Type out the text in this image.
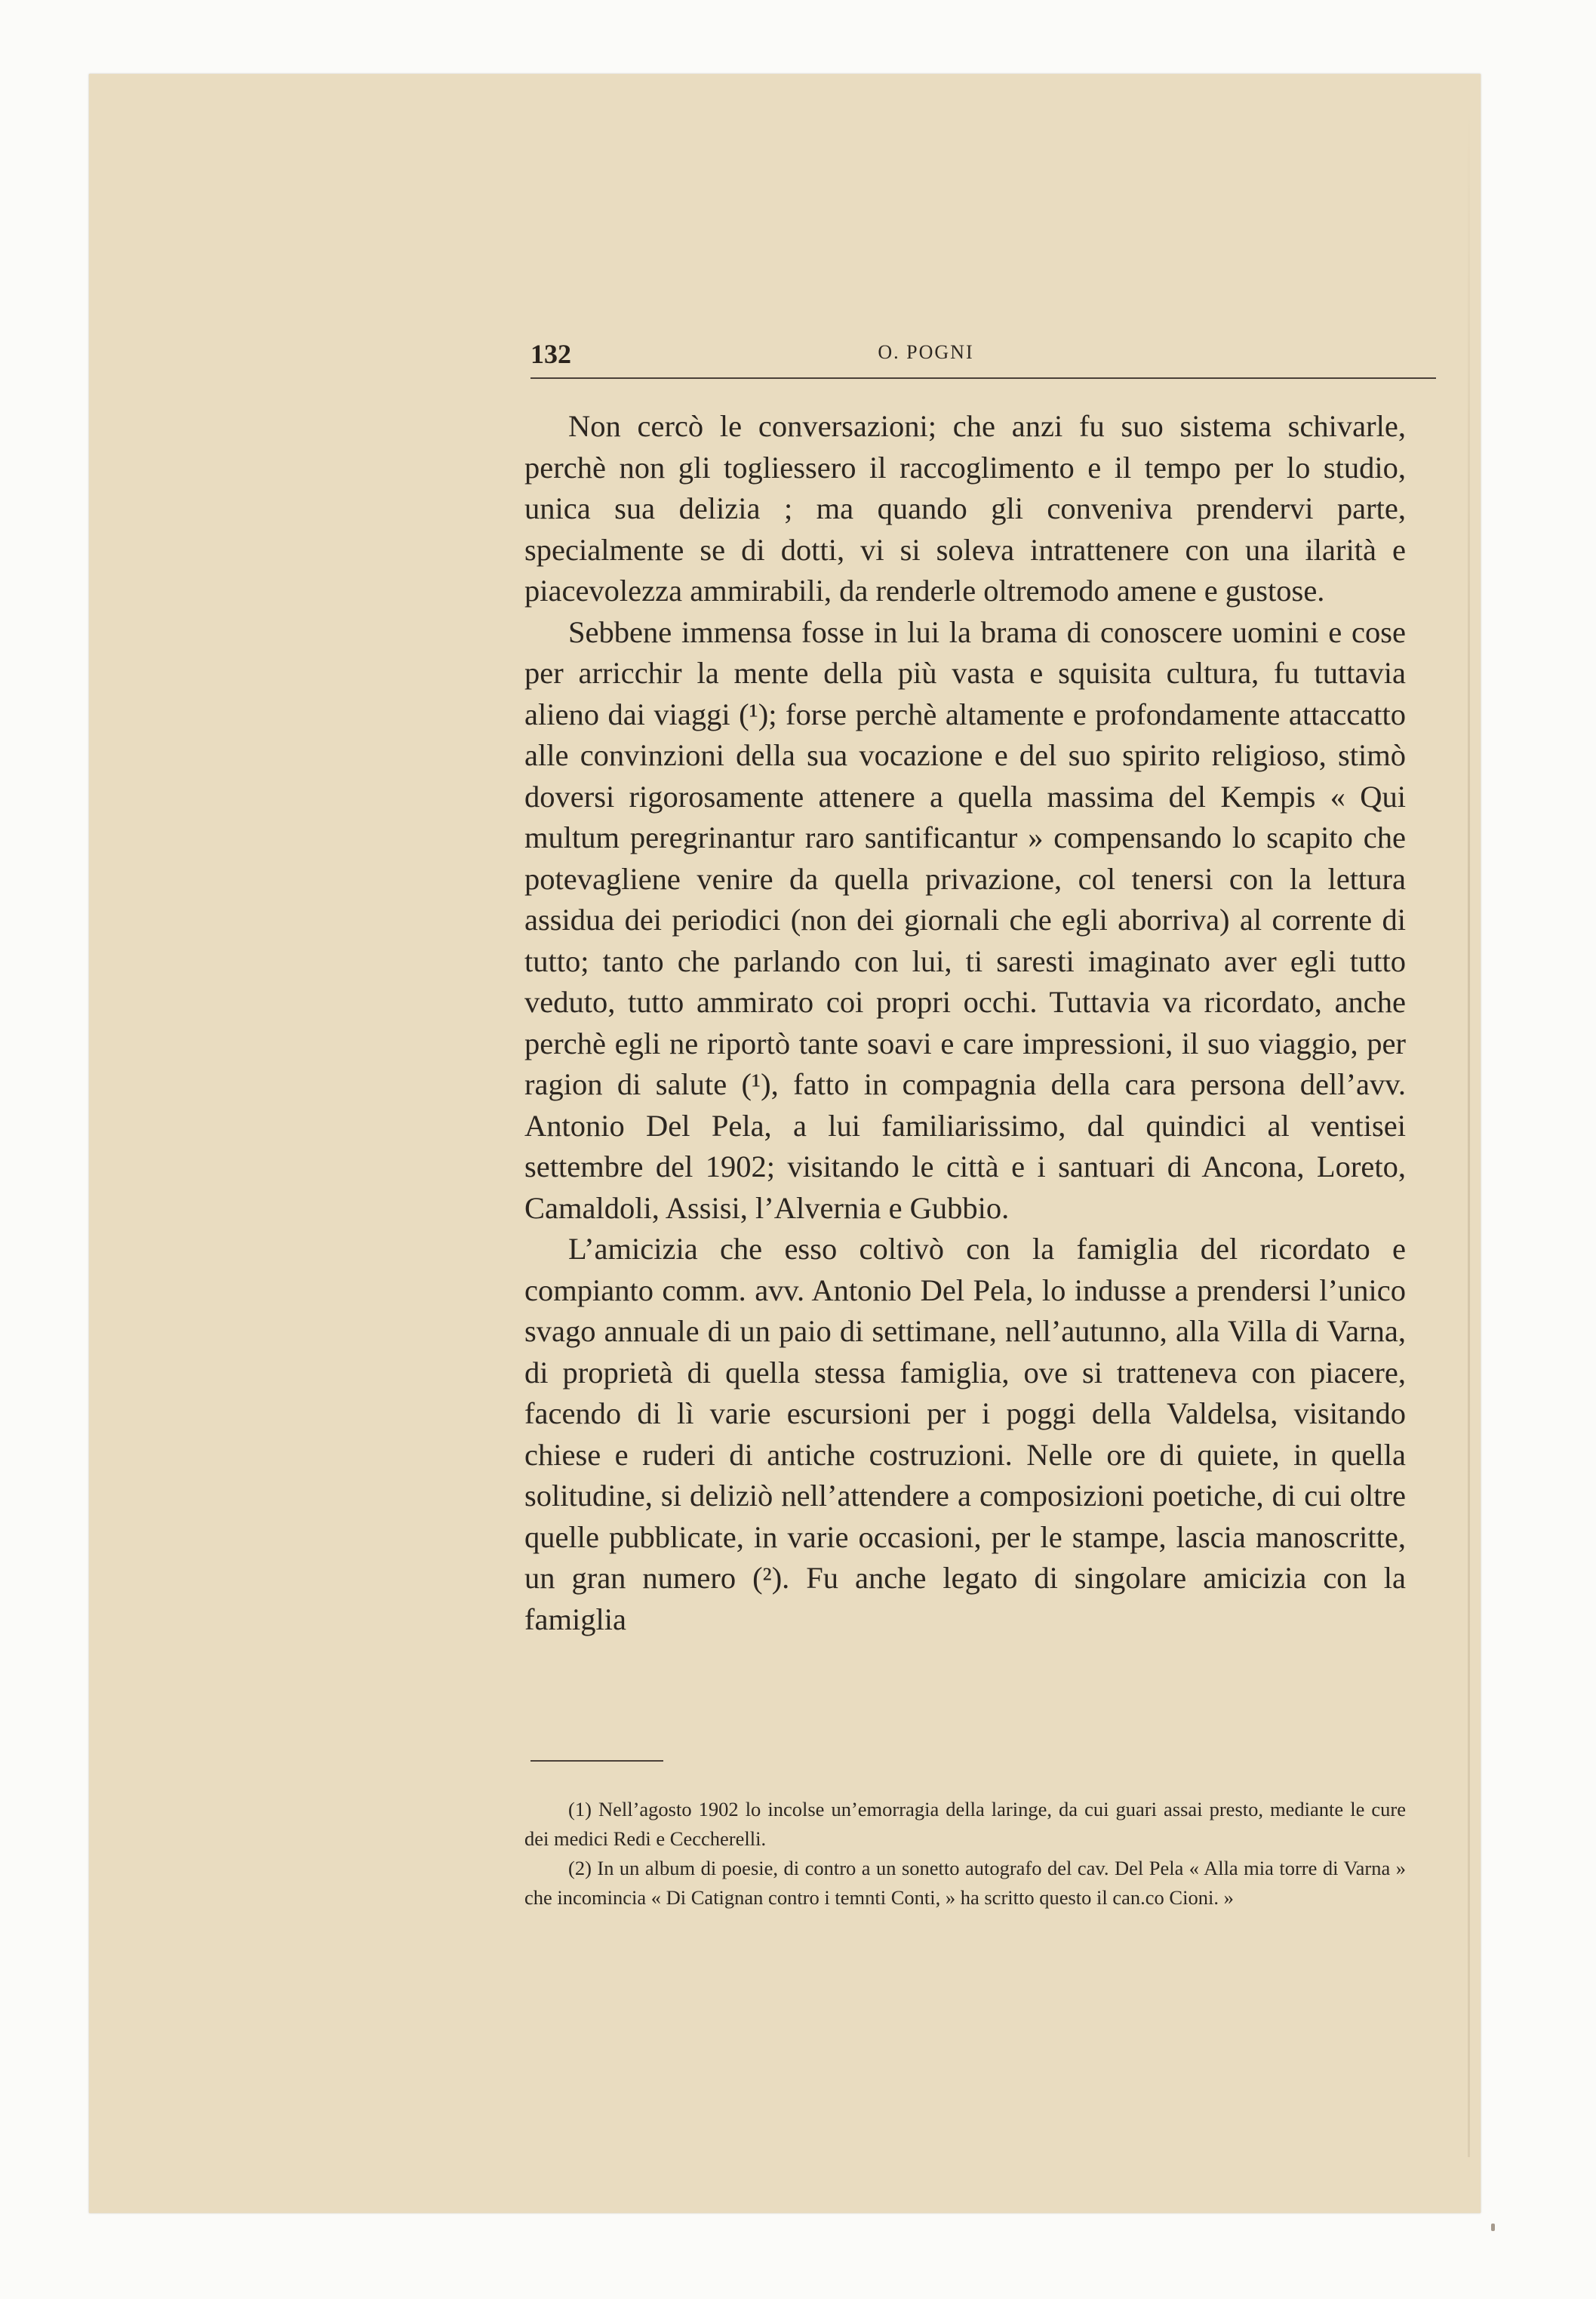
132	O. POGNI

Non cercò le conversazioni; che anzi fu suo sistema schivarle, perchè non gli togliessero il raccoglimento e il tempo per lo studio, unica sua delizia ; ma quando gli conveniva prendervi parte, specialmente se di dotti, vi si soleva intrattenere con una ilarità e piacevolezza ammirabili, da renderle oltremodo amene e gustose.

Sebbene immensa fosse in lui la brama di conoscere uomini e cose per arricchir la mente della più vasta e squisita cultura, fu tuttavia alieno dai viaggi (¹); forse perchè altamente e profondamente attaccatto alle convinzioni della sua vocazione e del suo spirito religioso, stimò doversi rigorosamente attenere a quella massima del Kempis « Qui multum peregrinantur raro santificantur » compensando lo scapito che potevagliene venire da quella privazione, col tenersi con la lettura assidua dei periodici (non dei giornali che egli aborriva) al corrente di tutto; tanto che parlando con lui, ti saresti imaginato aver egli tutto veduto, tutto ammirato coi propri occhi. Tuttavia va ricordato, anche perchè egli ne riportò tante soavi e care impressioni, il suo viaggio, per ragion di salute (¹), fatto in compagnia della cara persona dell’avv. Antonio Del Pela, a lui familiarissimo, dal quindici al ventisei settembre del 1902; visitando le città e i santuari di Ancona, Loreto, Camaldoli, Assisi, l’Alvernia e Gubbio.

L’amicizia che esso coltivò con la famiglia del ricordato e compianto comm. avv. Antonio Del Pela, lo indusse a prendersi l’unico svago annuale di un paio di settimane, nell’autunno, alla Villa di Varna, di proprietà di quella stessa famiglia, ove si tratteneva con piacere, facendo di lì varie escursioni per i poggi della Valdelsa, visitando chiese e ruderi di antiche costruzioni. Nelle ore di quiete, in quella solitudine, si deliziò nell’attendere a composizioni poetiche, di cui oltre quelle pubblicate, in varie occasioni, per le stampe, lascia manoscritte, un gran numero (²). Fu anche legato di singolare amicizia con la famiglia

(1) Nell’agosto 1902 lo incolse un’emorragia della laringe, da cui guari assai presto, mediante le cure dei medici Redi e Ceccherelli.

(2) In un album di poesie, di contro a un sonetto autografo del cav. Del Pela « Alla mia torre di Varna » che incomincia « Di Catignan contro i temnti Conti, » ha scritto questo il can.co Cioni. »
